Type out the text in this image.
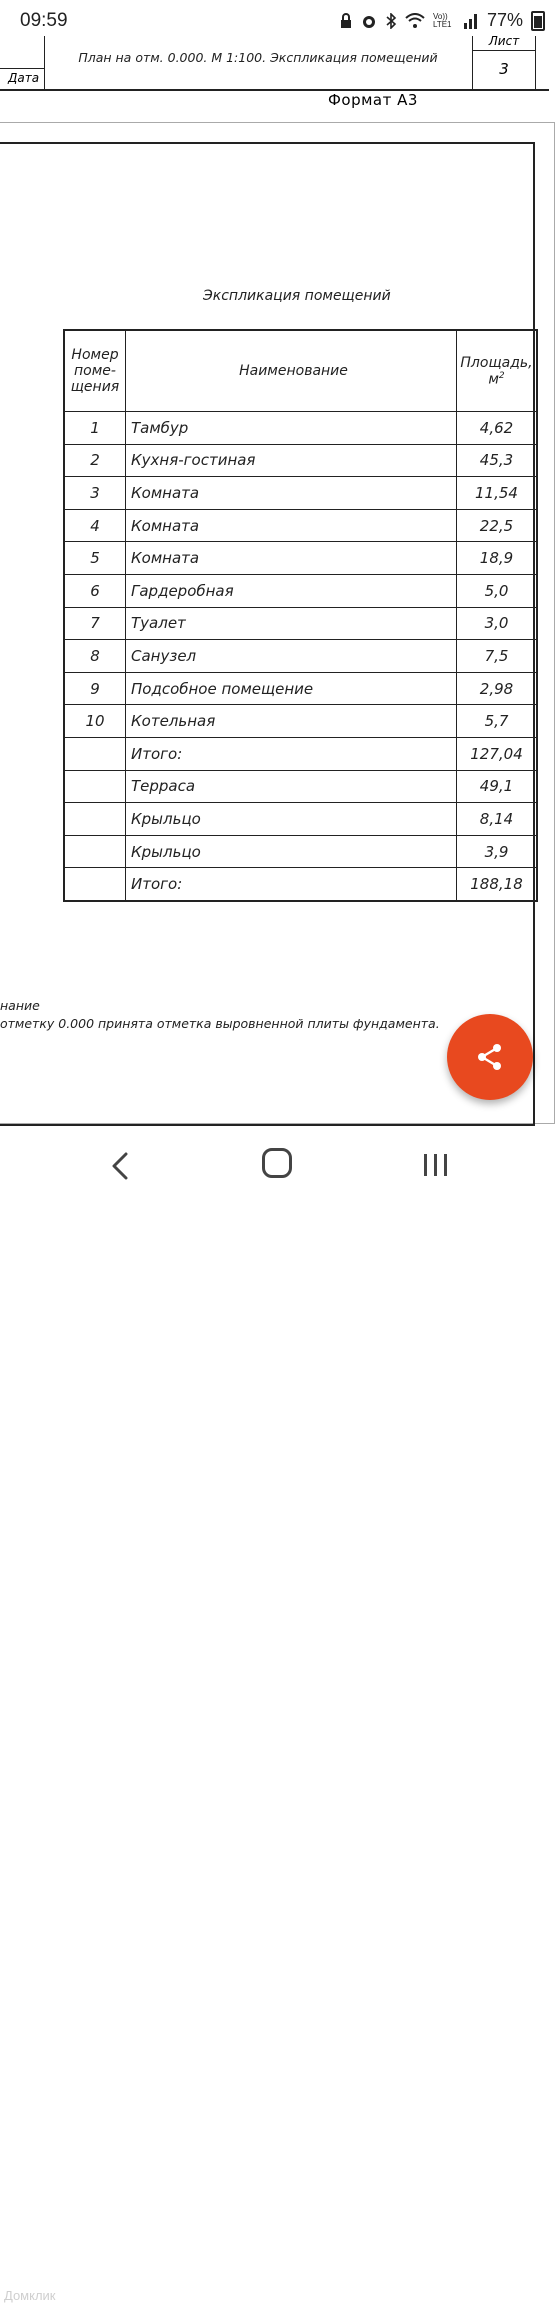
09:59	Vo)) LTE1 77%
Дата
План на отм. 0.000. М 1:100. Экспликация помещений
Лист
3
Формат А3
Экспликация помещений
Номер
поме-
щения	Наименование	Площадь,
$м^2$
1	Тамбур	4,62
2	Кухня-гостиная	45,3
3	Комната	11,54
4	Комната	22,5
5	Комната	18,9
6	Гардеробная	5,0
7	Туалет	3,0
8	Санузел	7,5
9	Подсобное помещение	2,98
10	Котельная	5,7
	Итого:	127,04
	Терраса	49,1
	Крыльцо	8,14
	Крыльцо	3,9
	Итого:	188,18
нание
отметку 0.000 принята отметка выровненной плиты фундамента.
Домклик
